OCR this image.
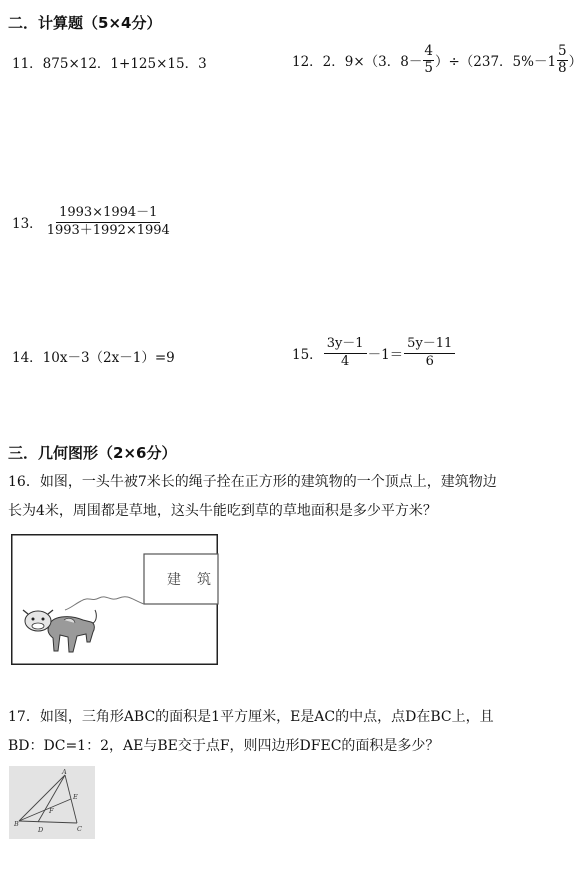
二．计算题（5×4分）
11．875×12．1+125×15．3	12．2．9×（3．$8- \frac{4}{5} )\div(237$．$5\%-1 \frac{5}{8}$ ）
13． $\frac{1993\times 1994-1}{1993+1992\times 1994}$
14．10x－3（2x－1）=9	15． $\frac{3y-1}{4} -1= \frac{5y-11}{6}$
三．几何图形（2×6分）
16．如图，一头牛被7米长的绳子拴在正方形的建筑物的一个顶点上，建筑物边
长为4米，周围都是草地，这头牛能吃到草的草地面积是多少平方米？
建　筑
17．如图，三角形ABC的面积是1平方厘米，E是AC的中点，点D在BC上，且
BD：DC=1：2，AE与BE交于点F，则四边形DFEC的面积是多少？
A
B
C
D
E
F
